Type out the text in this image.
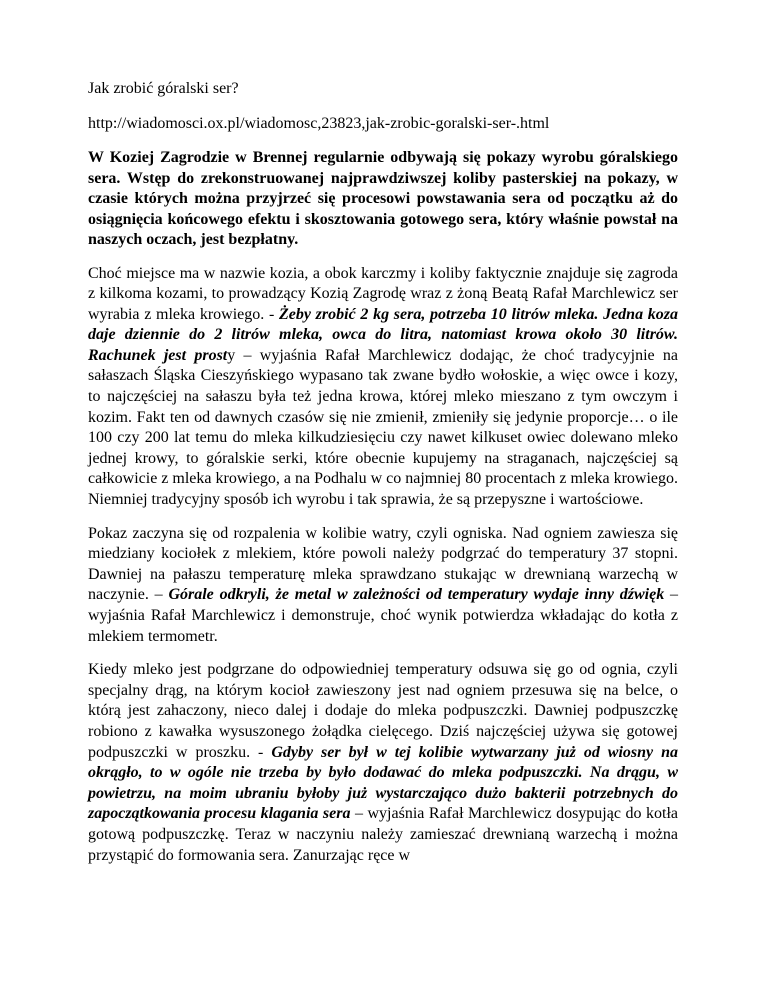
Jak zrobić góralski ser?

http://wiadomosci.ox.pl/wiadomosc,23823,jak-zrobic-goralski-ser-.html

W Koziej Zagrodzie w Brennej regularnie odbywają się pokazy wyrobu góralskiego sera. Wstęp do zrekonstruowanej najprawdziwszej koliby pasterskiej na pokazy, w czasie których można przyjrzeć się procesowi powstawania sera od początku aż do osiągnięcia końcowego efektu i skosztowania gotowego sera, który właśnie powstał na naszych oczach, jest bezpłatny.

Choć miejsce ma w nazwie kozia, a obok karczmy i koliby faktycznie znajduje się zagroda z kilkoma kozami, to prowadzący Kozią Zagrodę wraz z żoną Beatą Rafał Marchlewicz ser wyrabia z mleka krowiego. - Żeby zrobić 2 kg sera, potrzeba 10 litrów mleka. Jedna koza daje dziennie do 2 litrów mleka, owca do litra, natomiast krowa około 30 litrów. Rachunek jest prosty – wyjaśnia Rafał Marchlewicz dodając, że choć tradycyjnie na sałaszach Śląska Cieszyńskiego wypasano tak zwane bydło wołoskie, a więc owce i kozy, to najczęściej na sałaszu była też jedna krowa, której mleko mieszano z tym owczym i kozim. Fakt ten od dawnych czasów się nie zmienił, zmieniły się jedynie proporcje… o ile 100 czy 200 lat temu do mleka kilkudziesięciu czy nawet kilkuset owiec dolewano mleko jednej krowy, to góralskie serki, które obecnie kupujemy na straganach, najczęściej są całkowicie z mleka krowiego, a na Podhalu w co najmniej 80 procentach z mleka krowiego. Niemniej tradycyjny sposób ich wyrobu i tak sprawia, że są przepyszne i wartościowe.

Pokaz zaczyna się od rozpalenia w kolibie watry, czyli ogniska. Nad ogniem zawiesza się miedziany kociołek z mlekiem, które powoli należy podgrzać do temperatury 37 stopni. Dawniej na pałaszu temperaturę mleka sprawdzano stukając w drewnianą warzechą w naczynie. – Górale odkryli, że metal w zależności od temperatury wydaje inny dźwięk – wyjaśnia Rafał Marchlewicz i demonstruje, choć wynik potwierdza wkładając do kotła z mlekiem termometr.

Kiedy mleko jest podgrzane do odpowiedniej temperatury odsuwa się go od ognia, czyli specjalny drąg, na którym kocioł zawieszony jest nad ogniem przesuwa się na belce, o którą jest zahaczony, nieco dalej i dodaje do mleka podpuszczki. Dawniej podpuszczkę robiono z kawałka wysuszonego żołądka cielęcego. Dziś najczęściej używa się gotowej podpuszczki w proszku. - Gdyby ser był w tej kolibie wytwarzany już od wiosny na okrągło, to w ogóle nie trzeba by było dodawać do mleka podpuszczki. Na drągu, w powietrzu, na moim ubraniu byłoby już wystarczająco dużo bakterii potrzebnych do zapoczątkowania procesu klagania sera – wyjaśnia Rafał Marchlewicz dosypując do kotła gotową podpuszczkę. Teraz w naczyniu należy zamieszać drewnianą warzechą i można przystąpić do formowania sera. Zanurzając ręce w
